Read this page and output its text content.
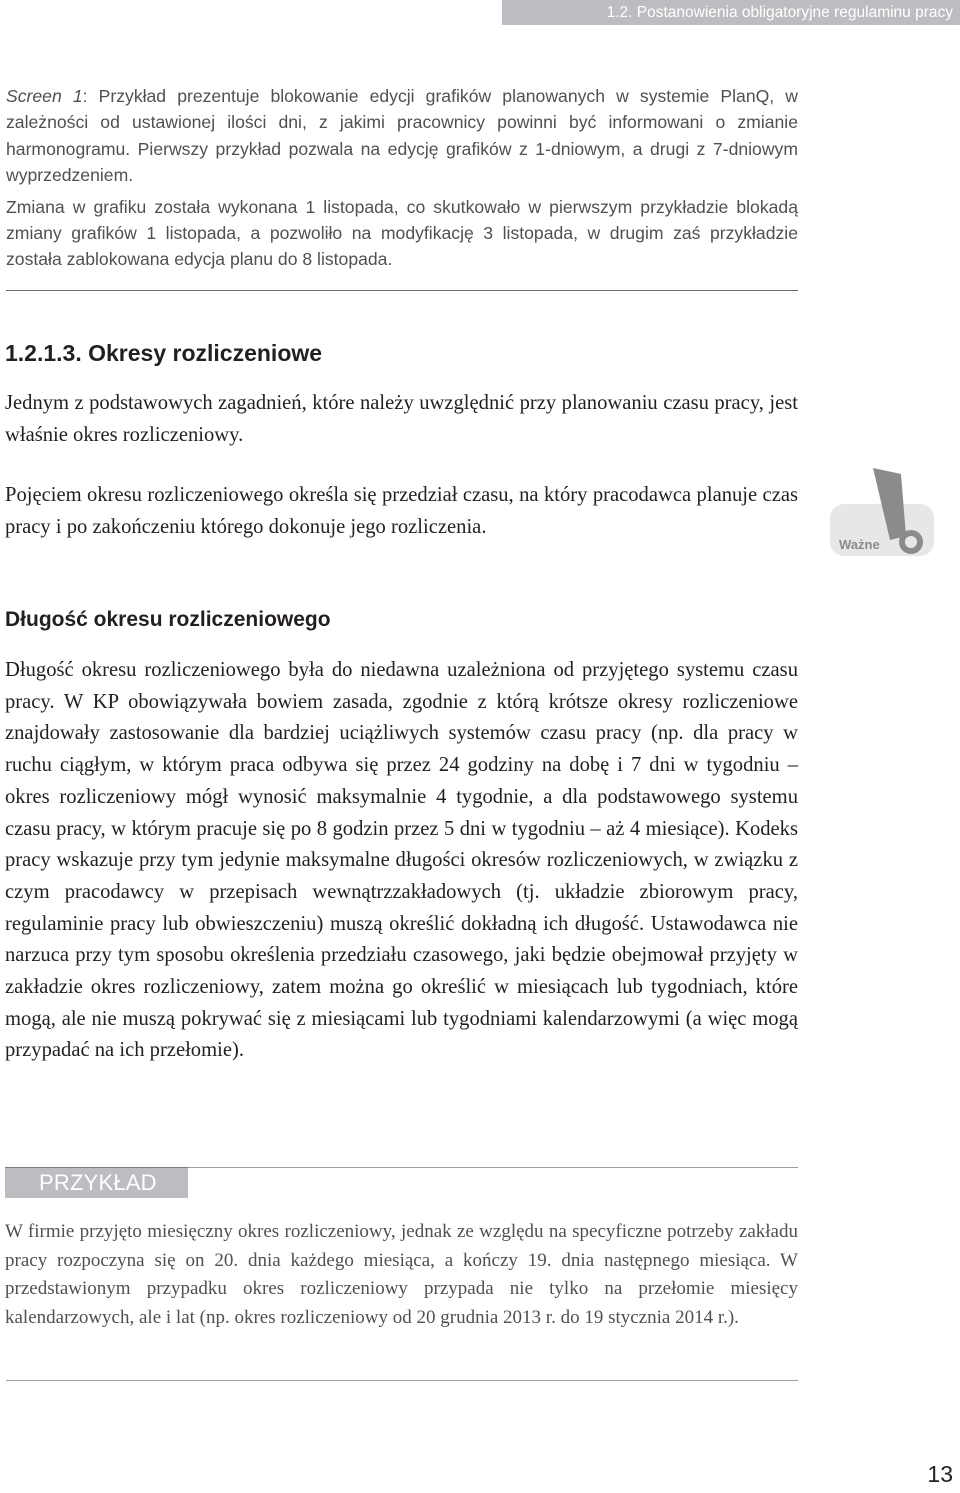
1.2. Postanowienia obligatoryjne regulaminu pracy

Screen 1: Przykład prezentuje blokowanie edycji grafików planowanych w systemie PlanQ, w zależności od ustawionej ilości dni, z jakimi pracownicy powinni być informowani o zmianie harmonogramu. Pierwszy przykład pozwala na edycję grafików z 1-dniowym, a drugi z 7-dniowym wyprzedzeniem.

Zmiana w grafiku została wykonana 1 listopada, co skutkowało w pierwszym przykładzie blokadą zmiany grafików 1 listopada, a pozwoliło na modyfikację 3 listopada, w drugim zaś przykładzie została zablokowana edycja planu do 8 listopada.

1.2.1.3. Okresy rozliczeniowe

Jednym z podstawowych zagadnień, które należy uwzględnić przy planowaniu czasu pracy, jest właśnie okres rozliczeniowy.

Pojęciem okresu rozliczeniowego określa się przedział czasu, na który pracodawca planuje czas pracy i po zakończeniu którego dokonuje jego rozliczenia.

Ważne
Długość okresu rozliczeniowego

Długość okresu rozliczeniowego była do niedawna uzależniona od przyjętego systemu czasu pracy. W KP obowiązywała bowiem zasada, zgodnie z którą krótsze okresy rozliczeniowe znajdowały zastosowanie dla bardziej uciążliwych systemów czasu pracy (np. dla pracy w ruchu ciągłym, w którym praca odbywa się przez 24 godziny na dobę i 7 dni w tygodniu – okres rozliczeniowy mógł wynosić maksymalnie 4 tygodnie, a dla podstawowego systemu czasu pracy, w którym pracuje się po 8 godzin przez 5 dni w tygodniu – aż 4 miesiące). Kodeks pracy wskazuje przy tym jedynie maksymalne długości okresów rozliczeniowych, w związku z czym pracodawcy w przepisach wewnątrzzakładowych (tj. układzie zbiorowym pracy, regulaminie pracy lub obwieszczeniu) muszą określić dokładną ich długość. Ustawodawca nie narzuca przy tym sposobu określenia przedziału czasowego, jaki będzie obejmował przyjęty w zakładzie okres rozliczeniowy, zatem można go określić w miesiącach lub tygodniach, które mogą, ale nie muszą pokrywać się z miesiącami lub tygodniami kalendarzowymi (a więc mogą przypadać na ich przełomie).

PRZYKŁAD

W firmie przyjęto miesięczny okres rozliczeniowy, jednak ze względu na specyficzne potrzeby zakładu pracy rozpoczyna się on 20. dnia każdego miesiąca, a kończy 19. dnia następnego miesiąca. W przedstawionym przypadku okres rozliczeniowy przypada nie tylko na przełomie miesięcy kalendarzowych, ale i lat (np. okres rozliczeniowy od 20 grudnia 2013 r. do 19 stycznia 2014 r.).

13
